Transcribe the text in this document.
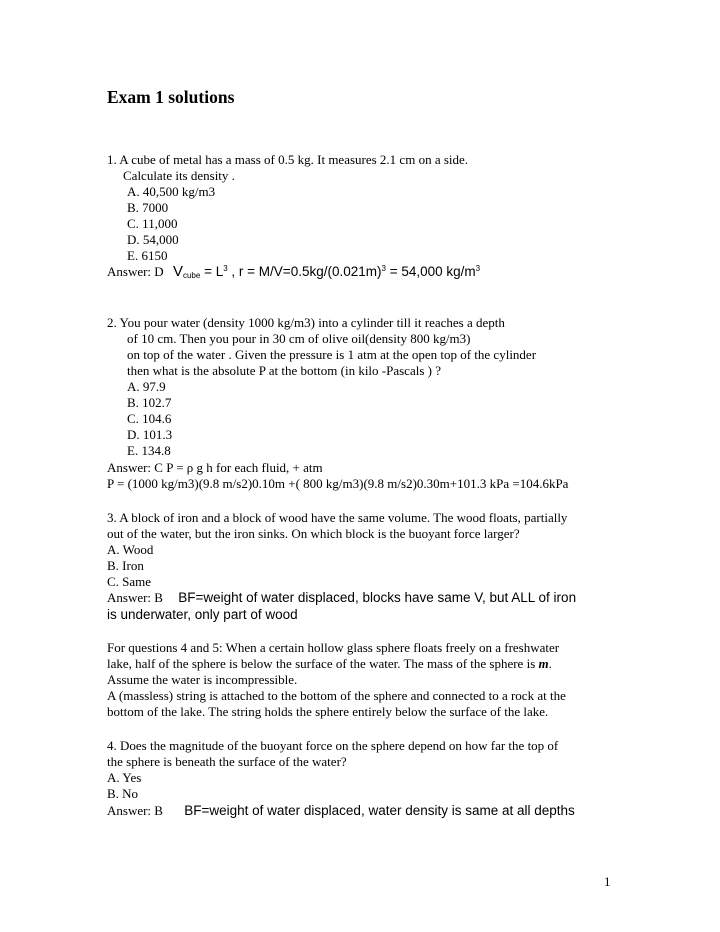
Exam 1 solutions
1. A cube of metal has a mass of 0.5 kg. It measures 2.1 cm on a side.
Calculate its density .
A. 40,500 kg/m3
B. 7000
C. 11,000
D. 54,000
E. 6150
Answer: D $V_{cube} = L^3$ , $r = M/V=0.5kg/(0.021m)^3 = 54,000$ $kg/m^3$
2. You pour water (density 1000 kg/m3) into a cylinder till it reaches a depth
of 10 cm. Then you pour in 30 cm of olive oil(density 800 kg/m3)
on top of the water . Given the pressure is 1 atm at the open top of the cylinder
then what is the absolute P at the bottom (in kilo -Pascals ) ?
A. 97.9
B. 102.7
C. 104.6
D. 101.3
E. 134.8
Answer: C P = ρ g h for each fluid, + atm
P = (1000 kg/m3)(9.8 m/s2)0.10m +( 800 kg/m3)(9.8 m/s2)0.30m+101.3 kPa =104.6kPa
3. A block of iron and a block of wood have the same volume. The wood floats, partially
out of the water, but the iron sinks. On which block is the buoyant force larger?
A. Wood
B. Iron
C. Same
Answer: B BF=weight of water displaced, blocks have same V, but ALL of iron
is underwater, only part of wood
For questions 4 and 5: When a certain hollow glass sphere floats freely on a freshwater
lake, half of the sphere is below the surface of the water. The mass of the sphere is m.
Assume the water is incompressible.
A (massless) string is attached to the bottom of the sphere and connected to a rock at the
bottom of the lake. The string holds the sphere entirely below the surface of the lake.
4. Does the magnitude of the buoyant force on the sphere depend on how far the top of
the sphere is beneath the surface of the water?
A. Yes
B. No
Answer: B BF=weight of water displaced, water density is same at all depths
1
